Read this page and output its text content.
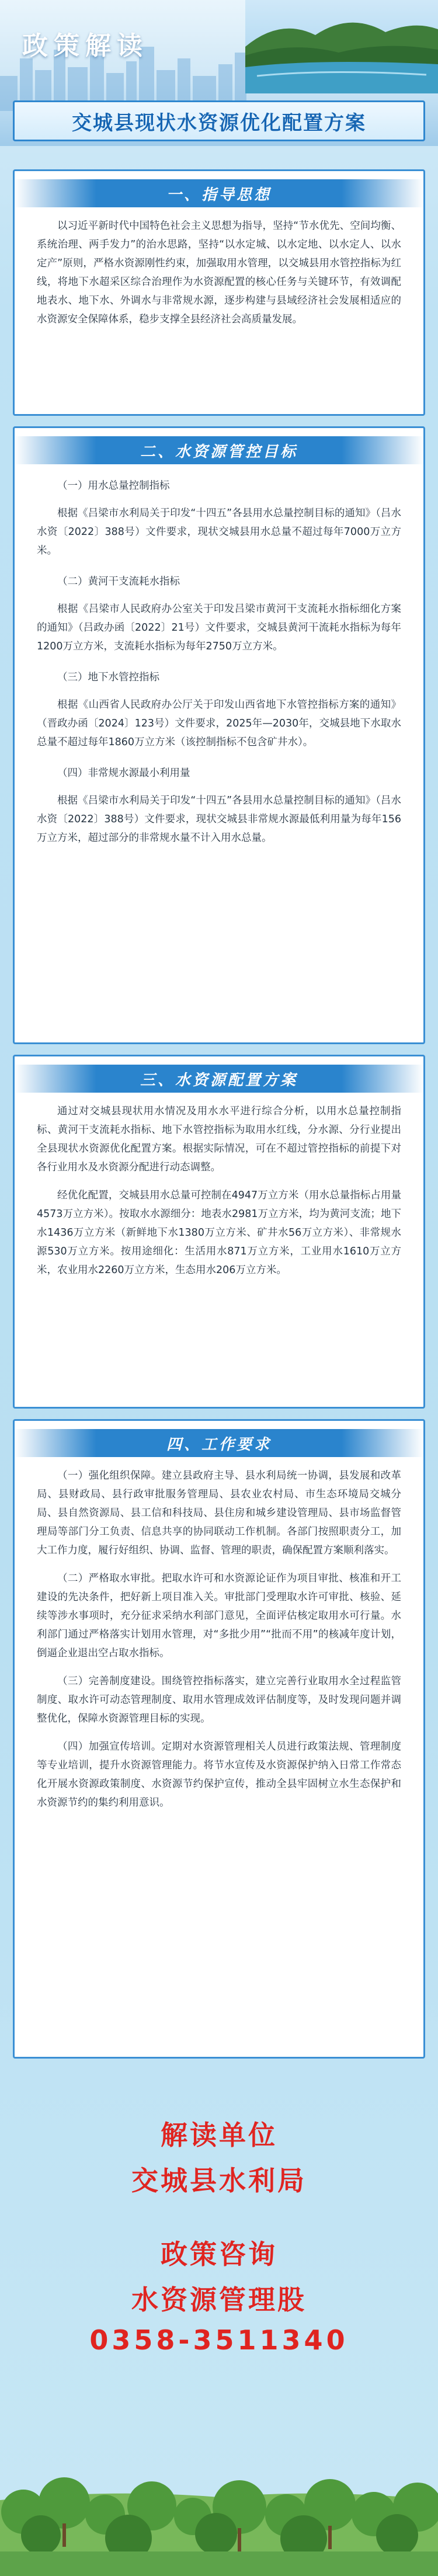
政策解读
交城县现状水资源优化配置方案
一、指导思想

以习近平新时代中国特色社会主义思想为指导，坚持“节水优先、空间均衡、系统治理、两手发力”的治水思路，坚持“以水定城、以水定地、以水定人、以水定产”原则，严格水资源刚性约束，加强取用水管理，以交城县用水管控指标为红线，将地下水超采区综合治理作为水资源配置的核心任务与关键环节，有效调配地表水、地下水、外调水与非常规水源，逐步构建与县域经济社会发展相适应的水资源安全保障体系，稳步支撑全县经济社会高质量发展。

二、水资源管控目标

（一）用水总量控制指标

根据《吕梁市水利局关于印发“十四五”各县用水总量控制目标的通知》（吕水水资〔2022〕388号）文件要求，现状交城县用水总量不超过每年7000万立方米。

（二）黄河干支流耗水指标

根据《吕梁市人民政府办公室关于印发吕梁市黄河干支流耗水指标细化方案的通知》（吕政办函〔2022〕21号）文件要求，交城县黄河干流耗水指标为每年1200万立方米，支流耗水指标为每年2750万立方米。

（三）地下水管控指标

根据《山西省人民政府办公厅关于印发山西省地下水管控指标方案的通知》（晋政办函〔2024〕123号）文件要求，2025年—2030年，交城县地下水取水总量不超过每年1860万立方米（该控制指标不包含矿井水）。

（四）非常规水源最小利用量

根据《吕梁市水利局关于印发“十四五”各县用水总量控制目标的通知》（吕水水资〔2022〕388号）文件要求，现状交城县非常规水源最低利用量为每年156万立方米，超过部分的非常规水量不计入用水总量。

三、水资源配置方案

通过对交城县现状用水情况及用水水平进行综合分析，以用水总量控制指标、黄河干支流耗水指标、地下水管控指标为取用水红线，分水源、分行业提出全县现状水资源优化配置方案。根据实际情况，可在不超过管控指标的前提下对各行业用水及水资源分配进行动态调整。

经优化配置，交城县用水总量可控制在4947万立方米（用水总量指标占用量4573万立方米）。按取水水源细分：地表水2981万立方米，均为黄河支流；地下水1436万立方米（新鲜地下水1380万立方米、矿井水56万立方米）、非常规水源530万立方米。按用途细化：生活用水871万立方米，工业用水1610万立方米，农业用水2260万立方米，生态用水206万立方米。

四、工作要求

（一）强化组织保障。建立县政府主导、县水利局统一协调，县发展和改革局、县财政局、县行政审批服务管理局、县农业农村局、市生态环境局交城分局、县自然资源局、县工信和科技局、县住房和城乡建设管理局、县市场监督管理局等部门分工负责、信息共享的协同联动工作机制。各部门按照职责分工，加大工作力度，履行好组织、协调、监督、管理的职责，确保配置方案顺利落实。

（二）严格取水审批。把取水许可和水资源论证作为项目审批、核准和开工建设的先决条件，把好新上项目准入关。审批部门受理取水许可审批、核验、延续等涉水事项时，充分征求采纳水利部门意见，全面评估核定取用水可行量。水利部门通过严格落实计划用水管理，对“多批少用”“批而不用”的核减年度计划，倒逼企业退出空占取水指标。

（三）完善制度建设。围绕管控指标落实，建立完善行业取用水全过程监管制度、取水许可动态管理制度、取用水管理成效评估制度等，及时发现问题并调整优化，保障水资源管理目标的实现。

（四）加强宣传培训。定期对水资源管理相关人员进行政策法规、管理制度等专业培训，提升水资源管理能力。将节水宣传及水资源保护纳入日常工作常态化开展水资源政策制度、水资源节约保护宣传，推动全县牢固树立水生态保护和水资源节约的集约利用意识。

解读单位
交城县水利局
政策咨询
水资源管理股
0358-3511340
